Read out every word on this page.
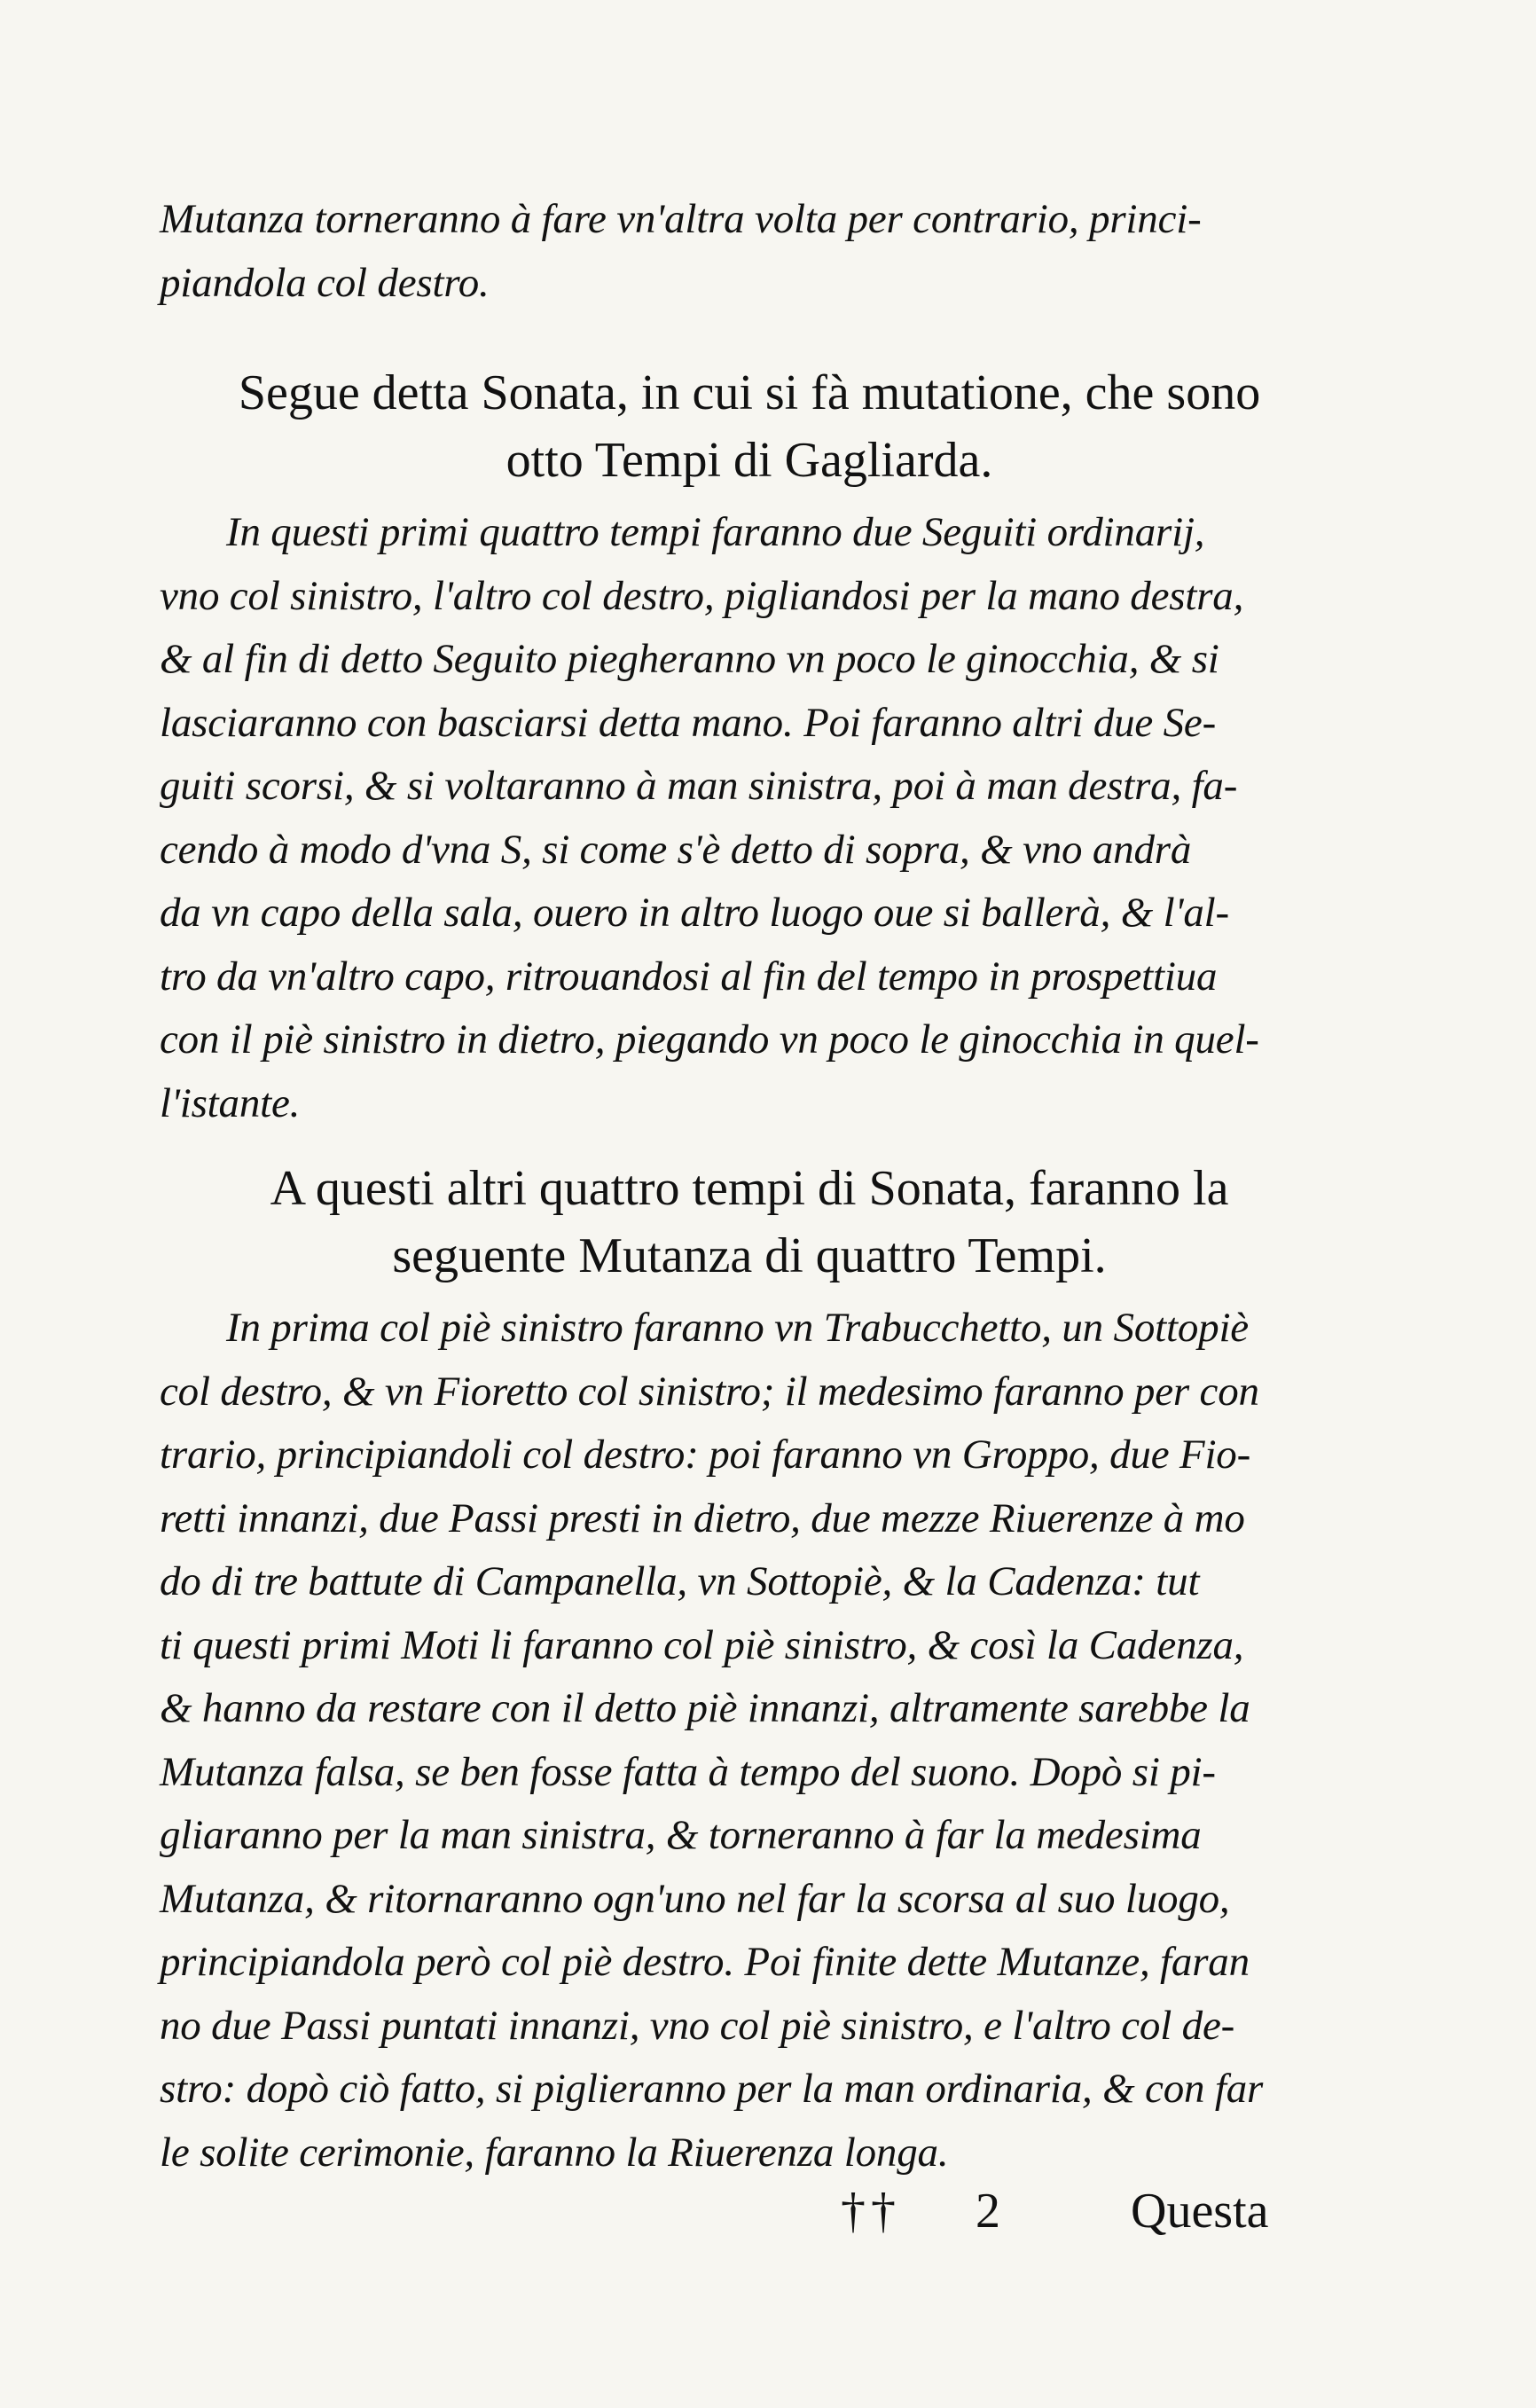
Mutanza torneranno à fare vn'altra volta per contrario, princi-
piandola col destro.
Segue detta Sonata, in cui si fà mutatione, che sono
otto Tempi di Gagliarda.
In questi primi quattro tempi faranno due Seguiti ordinarij,
vno col sinistro, l'altro col destro, pigliandosi per la mano destra,
& al fin di detto Seguito piegheranno vn poco le ginocchia, & si
lasciaranno con basciarsi detta mano. Poi faranno altri due Se-
guiti scorsi, & si voltaranno à man sinistra, poi à man destra, fa-
cendo à modo d'vna S, si come s'è detto di sopra, & vno andrà
da vn capo della sala, ouero in altro luogo oue si ballerà, & l'al-
tro da vn'altro capo, ritrouandosi al fin del tempo in prospettiua
con il piè sinistro in dietro, piegando vn poco le ginocchia in quel-
l'istante.
A questi altri quattro tempi di Sonata, faranno la
seguente Mutanza di quattro Tempi.
In prima col piè sinistro faranno vn Trabucchetto, un Sottopiè
col destro, & vn Fioretto col sinistro; il medesimo faranno per con
trario, principiandoli col destro: poi faranno vn Groppo, due Fio-
retti innanzi, due Passi presti in dietro, due mezze Riuerenze à mo
do di tre battute di Campanella, vn Sottopiè, & la Cadenza: tut
ti questi primi Moti li faranno col piè sinistro, & così la Cadenza,
& hanno da restare con il detto piè innanzi, altramente sarebbe la
Mutanza falsa, se ben fosse fatta à tempo del suono. Dopò si pi-
gliaranno per la man sinistra, & torneranno à far la medesima
Mutanza, & ritornaranno ogn'uno nel far la scorsa al suo luogo,
principiandola però col piè destro. Poi finite dette Mutanze, faran
no due Passi puntati innanzi, vno col piè sinistro, e l'altro col de-
stro: dopò ciò fatto, si piglieranno per la man ordinaria, & con far
le solite cerimonie, faranno la Riuerenza longa.
†† 2	Questa
